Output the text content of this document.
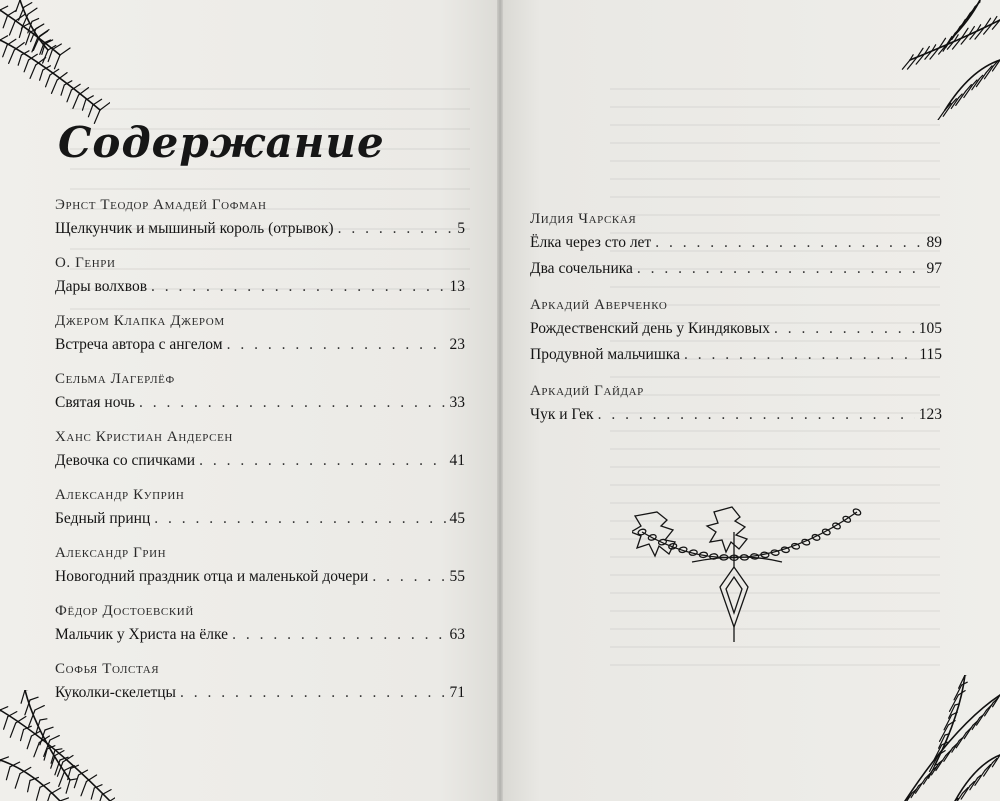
Содержание
Эрнст Теодор Амадей Гофман
Щелкунчик и мышиный король (отрывок) . . .	5
О. Генри
Дары волхвов . . .	13
Джером Клапка Джером
Встреча автора с ангелом . . .	23
Сельма Лагерлёф
Святая ночь . . .	33
Ханс Кристиан Андерсен
Девочка со спичками . . .	41
Александр Куприн
Бедный принц . . .	45
Александр Грин
Новогодний праздник отца и маленькой дочери . . .	55
Фёдор Достоевский
Мальчик у Христа на ёлке . . .	63
Софья Толстая
Куколки-скелетцы . . .	71
Лидия Чарская
Ёлка через сто лет . . .	89
Два сочельника . . .	97
Аркадий Аверченко
Рождественский день у Киндяковых . . .	105
Продувной мальчишка . . .	115
Аркадий Гайдар
Чук и Гек . . .	123
